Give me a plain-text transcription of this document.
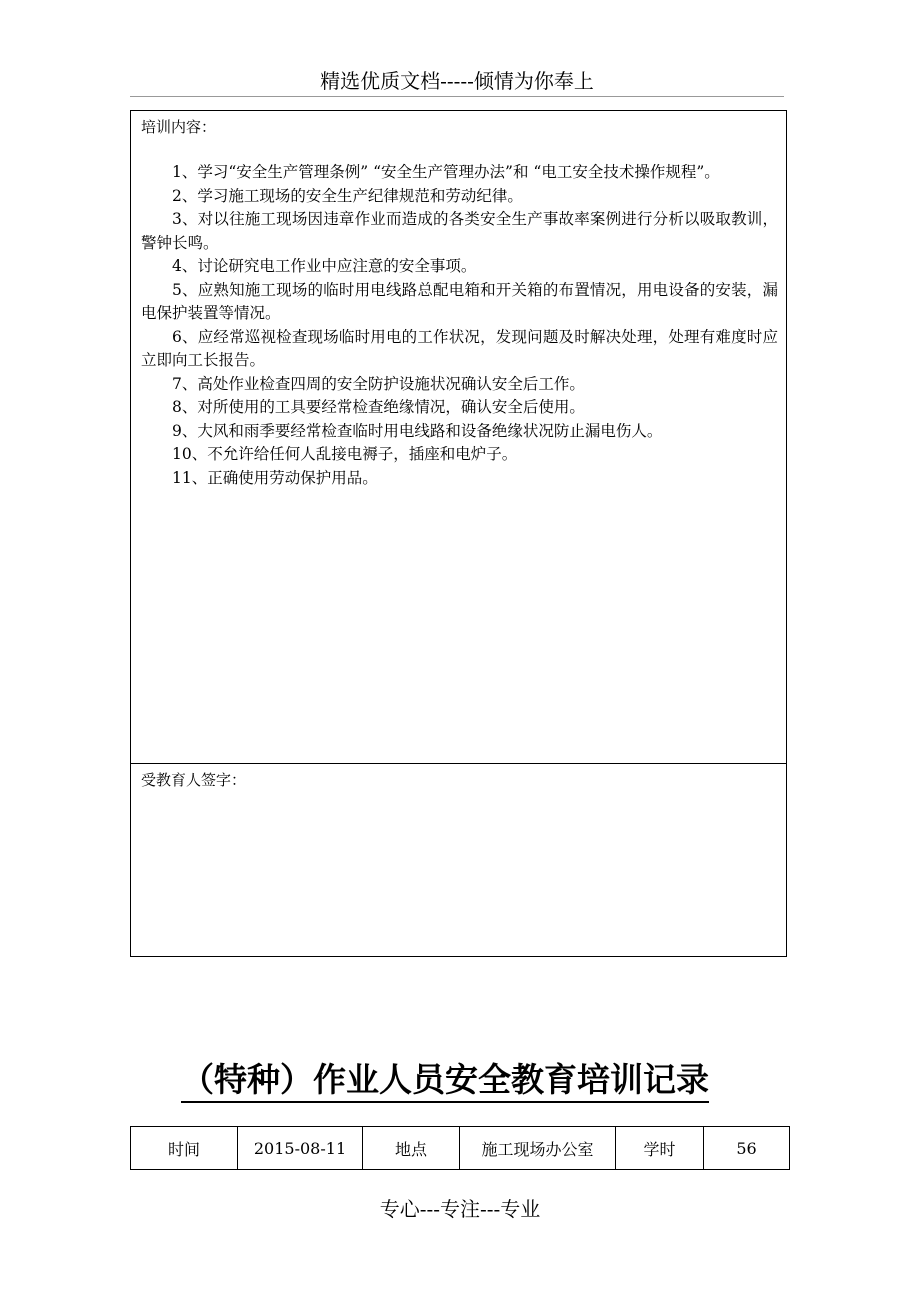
精选优质文档-----倾情为你奉上
培训内容：

1、学习“安全生产管理条例” “安全生产管理办法”和 “电工安全技术操作规程”。

2、学习施工现场的安全生产纪律规范和劳动纪律。

3、对以往施工现场因违章作业而造成的各类安全生产事故率案例进行分析以吸取教训，警钟长鸣。

4、讨论研究电工作业中应注意的安全事项。

5、应熟知施工现场的临时用电线路总配电箱和开关箱的布置情况，用电设备的安装，漏电保护装置等情况。

6、应经常巡视检查现场临时用电的工作状况，发现问题及时解决处理，处理有难度时应立即向工长报告。

7、高处作业检查四周的安全防护设施状况确认安全后工作。

8、对所使用的工具要经常检查绝缘情况，确认安全后使用。

9、大风和雨季要经常检查临时用电线路和设备绝缘状况防止漏电伤人。

10、不允许给任何人乱接电褥子，插座和电炉子。

11、正确使用劳动保护用品。

受教育人签字：
（特种）作业人员安全教育培训记录
时间	2015-08-11	地点	施工现场办公室	学时	56
专心---专注---专业
